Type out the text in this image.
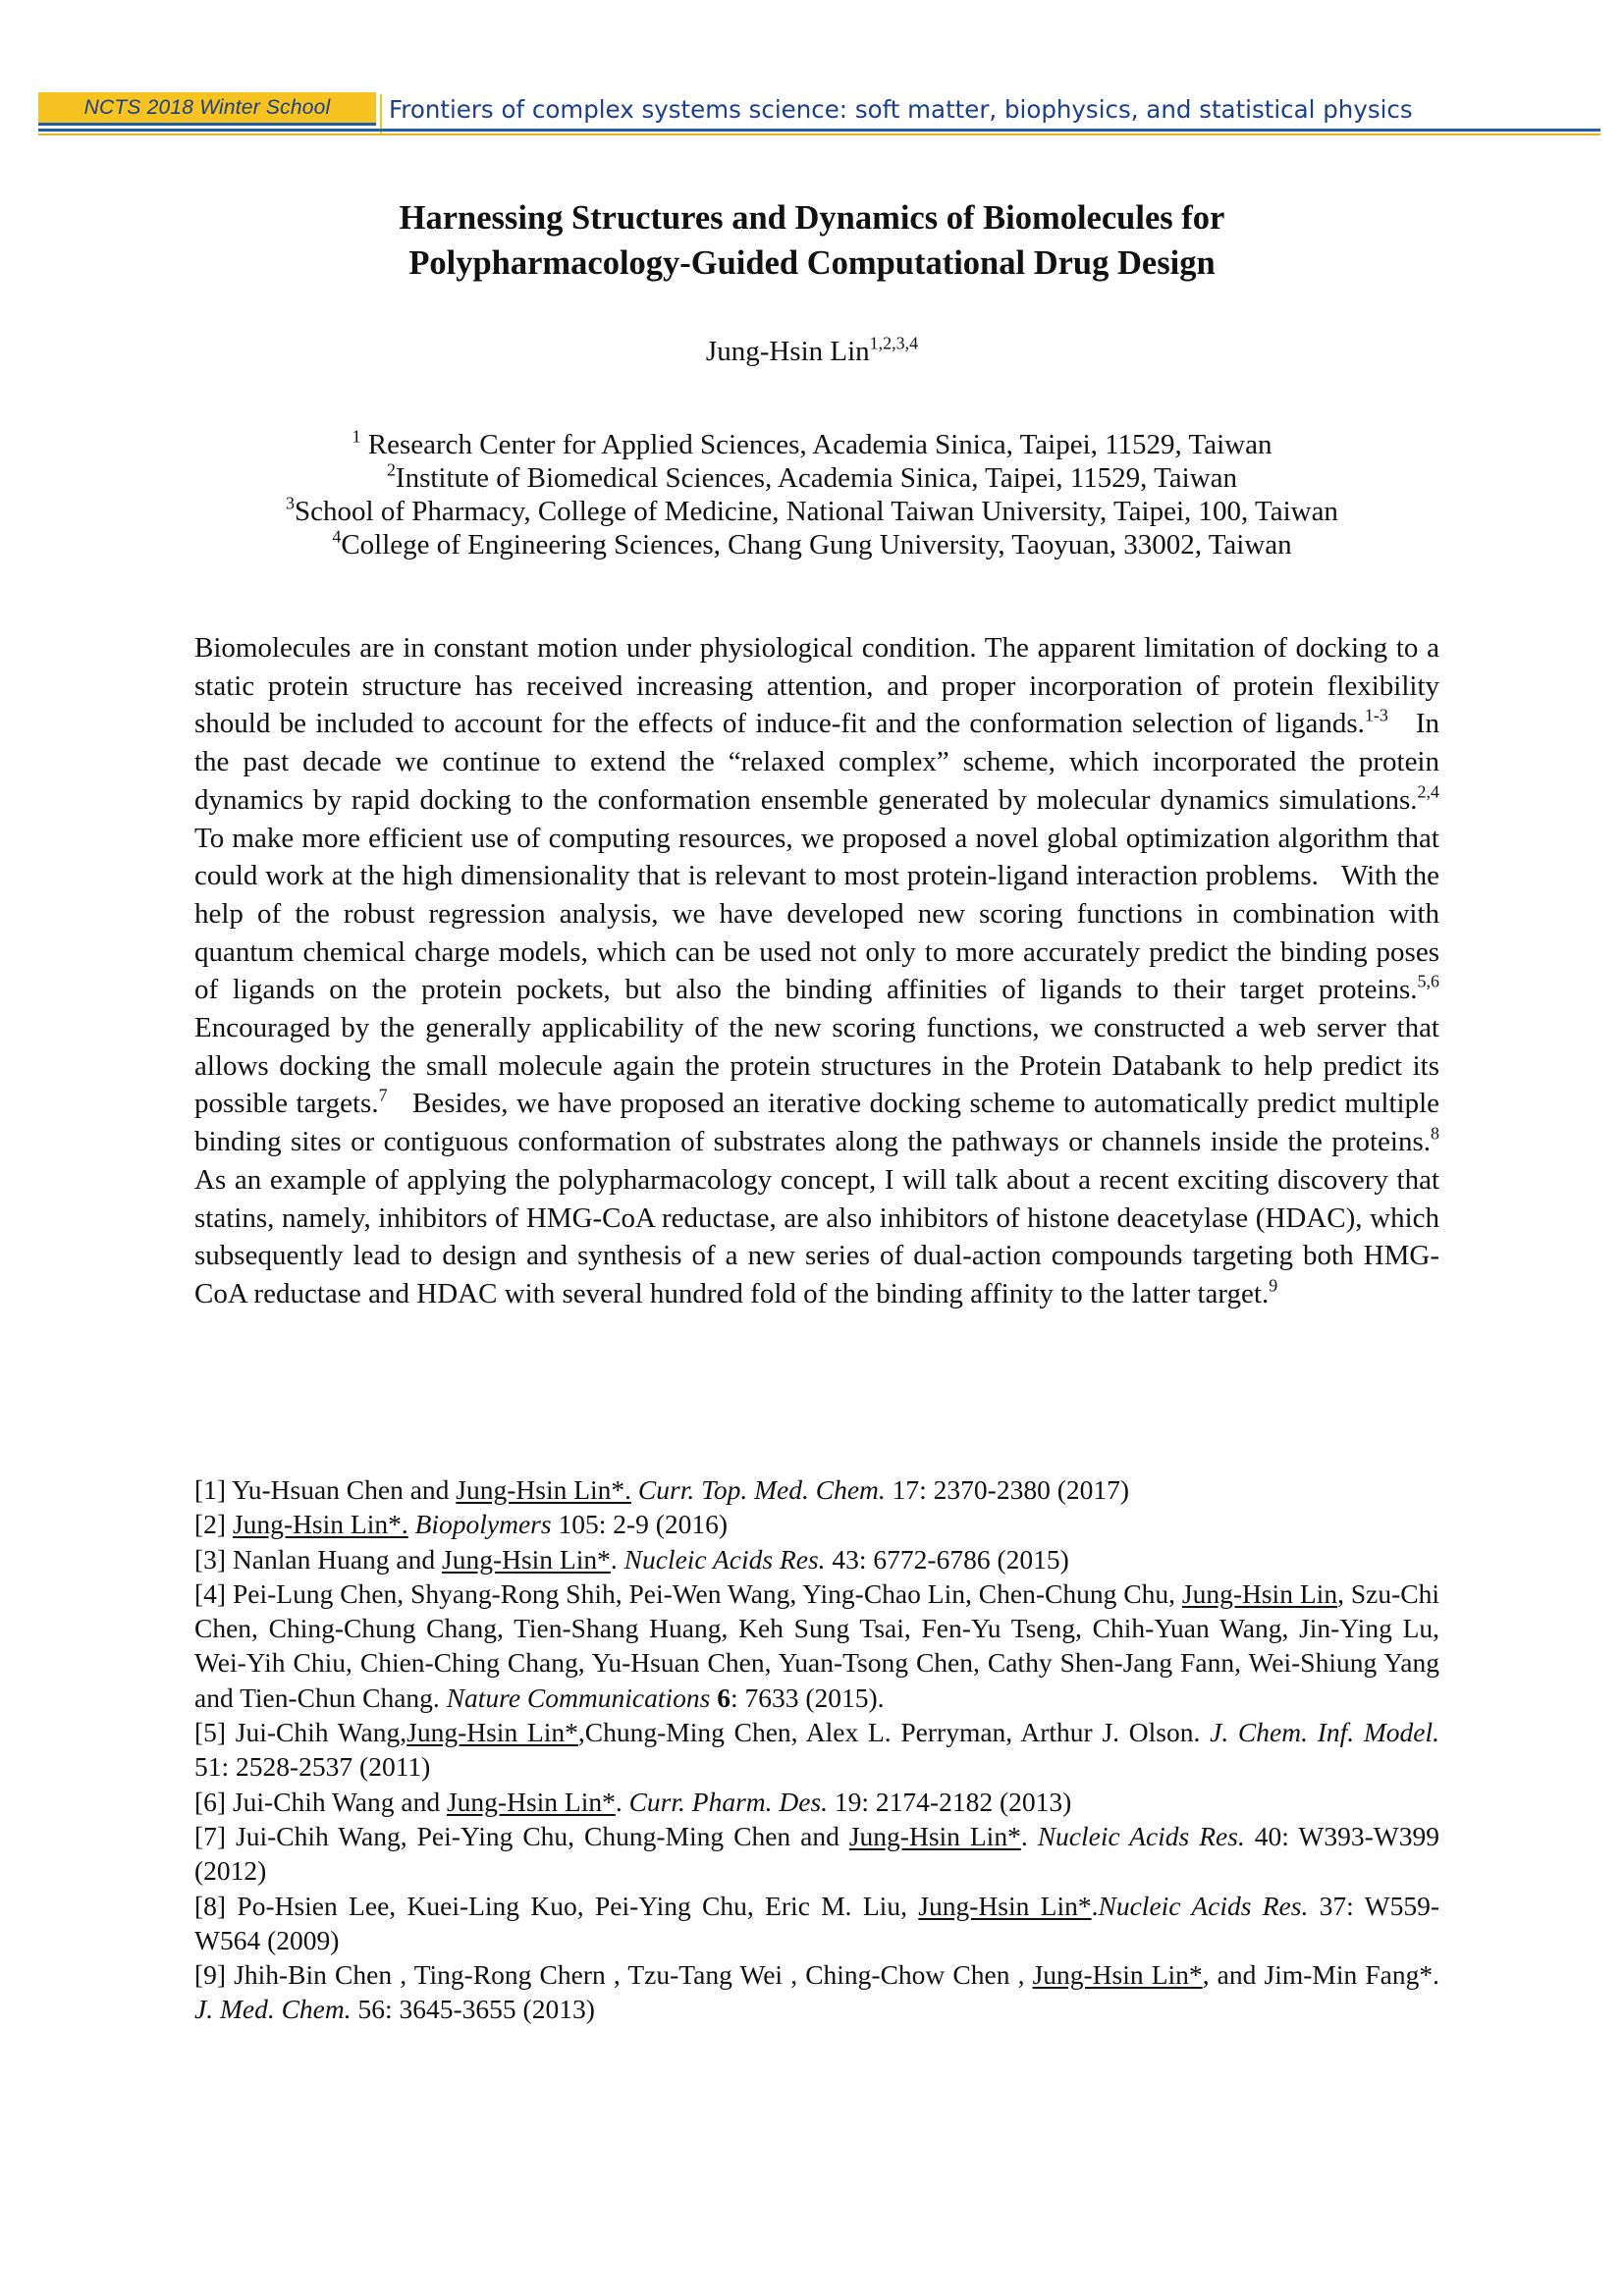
NCTS 2018 Winter School Frontiers of complex systems science: soft matter, biophysics, and statistical physics
Harnessing Structures and Dynamics of Biomolecules for
Polypharmacology-Guided Computational Drug Design
Jung-Hsin Lin$^{1,2,3,4}$
$^1$ Research Center for Applied Sciences, Academia Sinica, Taipei, 11529, Taiwan
$^2$Institute of Biomedical Sciences, Academia Sinica, Taipei, 11529, Taiwan
$^3$School of Pharmacy, College of Medicine, National Taiwan University, Taipei, 100, Taiwan
$^4$College of Engineering Sciences, Chang Gung University, Taoyuan, 33002, Taiwan
Biomolecules are in constant motion under physiological condition. The apparent limitation of docking to a static protein structure has received increasing attention, and proper incorporation of protein flexibility should be included to account for the effects of induce-fit and the conformation selection of ligands.$^{1-3}$   In the past decade we continue to extend the “relaxed complex” scheme, which incorporated the protein dynamics by rapid docking to the conformation ensemble generated by molecular dynamics simulations.$^{2,4}$   To make more efficient use of computing resources, we proposed a novel global optimization algorithm that could work at the high dimensionality that is relevant to most protein-ligand interaction problems.   With the help of the robust regression analysis, we have developed new scoring functions in combination with quantum chemical charge models, which can be used not only to more accurately predict the binding poses of ligands on the protein pockets, but also the binding affinities of ligands to their target proteins.$^{5,6}$ Encouraged by the generally applicability of the new scoring functions, we constructed a web server that allows docking the small molecule again the protein structures in the Protein Databank to help predict its possible targets.$^7$   Besides, we have proposed an iterative docking scheme to automatically predict multiple binding sites or contiguous conformation of substrates along the pathways or channels inside the proteins.$^8$   As an example of applying the polypharmacology concept, I will talk about a recent exciting discovery that statins, namely, inhibitors of HMG-CoA reductase, are also inhibitors of histone deacetylase (HDAC), which subsequently lead to design and synthesis of a new series of dual-action compounds targeting both HMG-CoA reductase and HDAC with several hundred fold of the binding affinity to the latter target.$^9$
[1] Yu-Hsuan Chen and Jung-Hsin Lin*. Curr. Top. Med. Chem. 17: 2370-2380 (2017)
[2] Jung-Hsin Lin*. Biopolymers 105: 2-9 (2016)
[3] Nanlan Huang and Jung-Hsin Lin*. Nucleic Acids Res. 43: 6772-6786 (2015)
[4] Pei-Lung Chen, Shyang-Rong Shih, Pei-Wen Wang, Ying-Chao Lin, Chen-Chung Chu, Jung-Hsin Lin, Szu-Chi Chen, Ching-Chung Chang, Tien-Shang Huang, Keh Sung Tsai, Fen-Yu Tseng, Chih-Yuan Wang, Jin-Ying Lu, Wei-Yih Chiu, Chien-Ching Chang, Yu-Hsuan Chen, Yuan-Tsong Chen, Cathy Shen-Jang Fann, Wei-Shiung Yang and Tien-Chun Chang. Nature Communications 6: 7633 (2015).
[5] Jui-Chih Wang,Jung-Hsin Lin*,Chung-Ming Chen, Alex L. Perryman, Arthur J. Olson. J. Chem. Inf. Model. 51: 2528-2537 (2011)
[6] Jui-Chih Wang and Jung-Hsin Lin*. Curr. Pharm. Des. 19: 2174-2182 (2013)
[7] Jui-Chih Wang, Pei-Ying Chu, Chung-Ming Chen and Jung-Hsin Lin*. Nucleic Acids Res. 40: W393-W399 (2012)
[8] Po-Hsien Lee, Kuei-Ling Kuo, Pei-Ying Chu, Eric M. Liu, Jung-Hsin Lin*.Nucleic Acids Res. 37: W559-W564 (2009)
[9] Jhih-Bin Chen , Ting-Rong Chern , Tzu-Tang Wei , Ching-Chow Chen , Jung-Hsin Lin*, and Jim-Min Fang*. J. Med. Chem. 56: 3645-3655 (2013)
